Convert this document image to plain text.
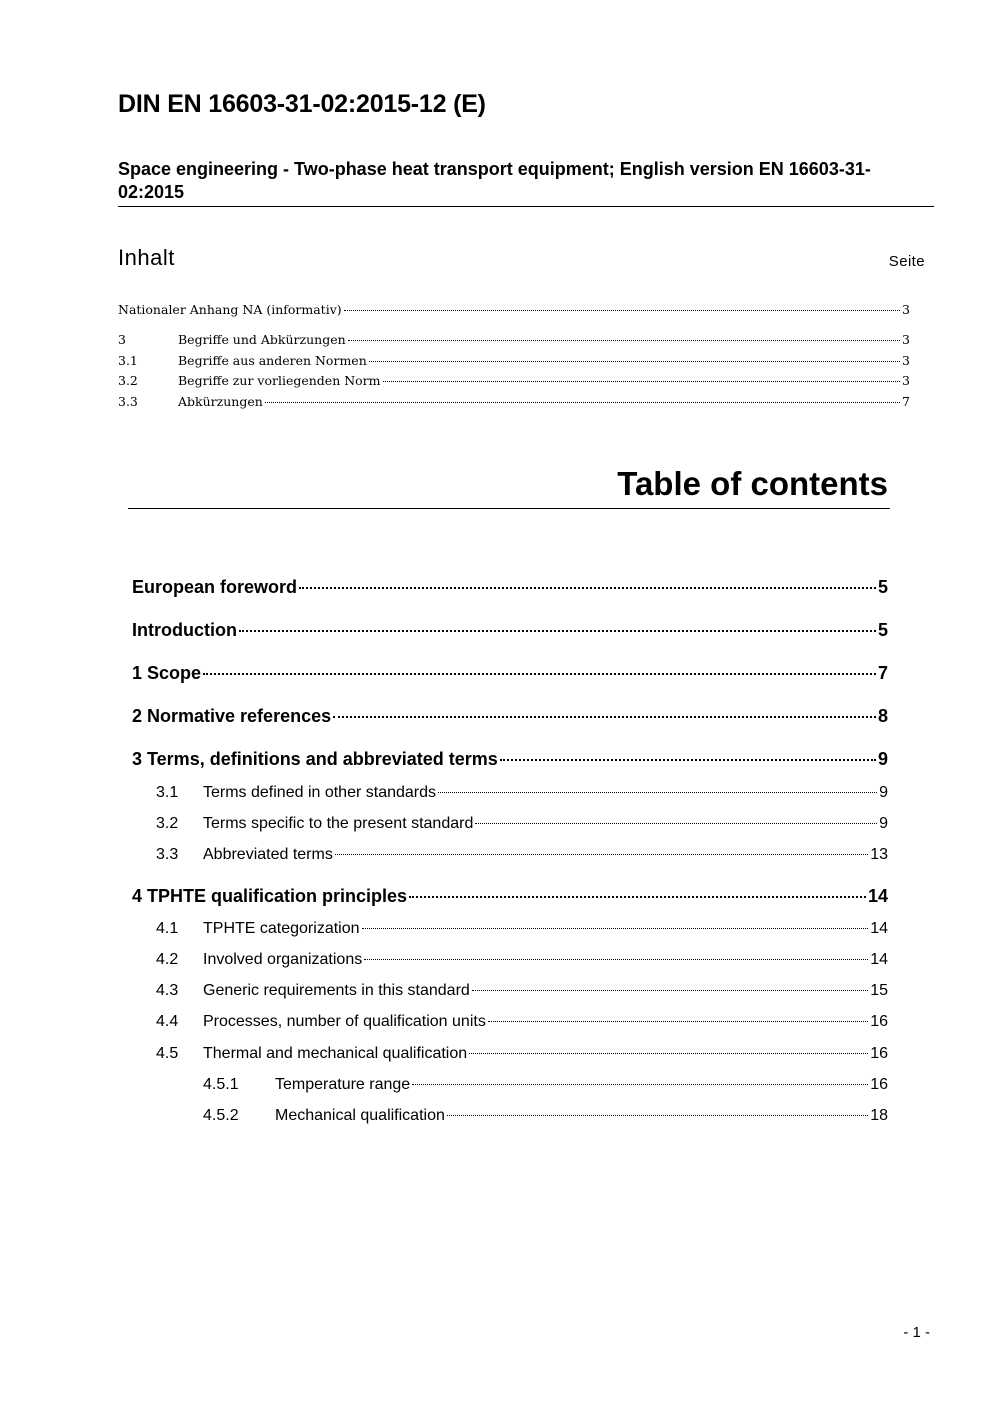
DIN EN 16603-31-02:2015-12 (E)
Space engineering - Two-phase heat transport equipment; English version EN 16603-31-02:2015
Inhalt	Seite
Nationaler Anhang NA (informativ)	3
3	Begriffe und Abkürzungen	3
3.1	Begriffe aus anderen Normen	3
3.2	Begriffe zur vorliegenden Norm	3
3.3	Abkürzungen	7
Table of contents
European foreword	5
Introduction	5
1 Scope	7
2 Normative references	8
3 Terms, definitions and abbreviated terms	9
3.1	Terms defined in other standards	9
3.2	Terms specific to the present standard	9
3.3	Abbreviated terms	13
4 TPHTE qualification principles	14
4.1	TPHTE categorization	14
4.2	Involved organizations	14
4.3	Generic requirements in this standard	15
4.4	Processes, number of qualification units	16
4.5	Thermal and mechanical qualification	16
4.5.1	Temperature range	16
4.5.2	Mechanical qualification	18
- 1 -
